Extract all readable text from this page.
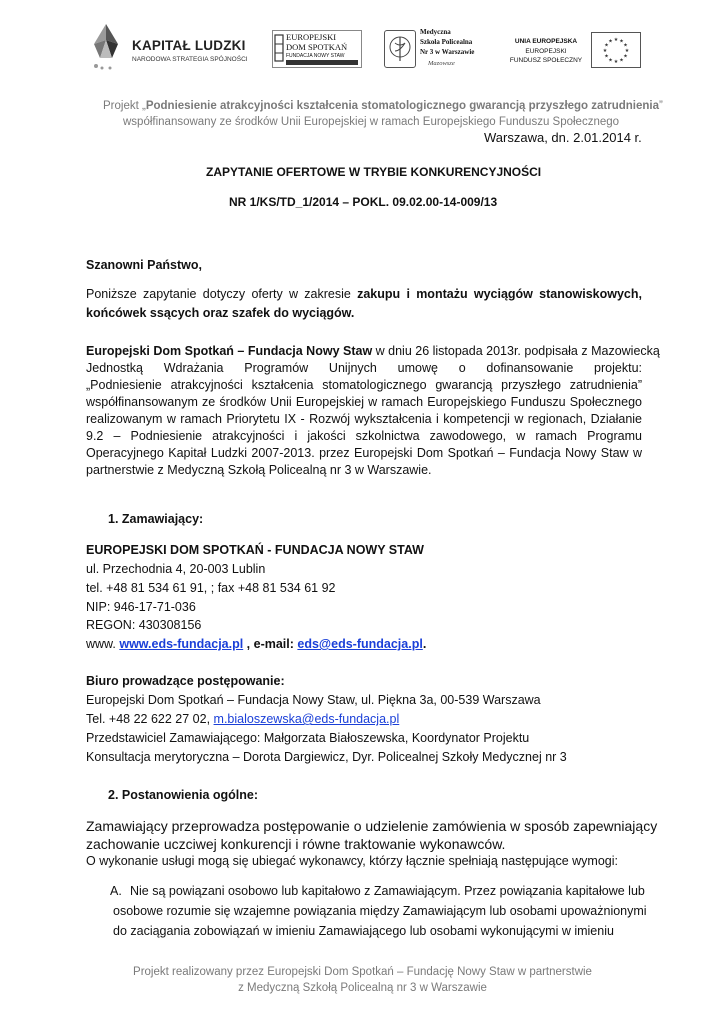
KAPITAŁ LUDZKI
NARODOWA STRATEGIA SPÓJNOŚCI
EUROPEJSKI
DOM SPOTKAŃ
FUNDACJA NOWY STAW
Medyczna
Szkoła Policealna
Nr 3 w Warszawie
Mazowsze
UNIA EUROPEJSKA
EUROPEJSKI
FUNDUSZ SPOŁECZNY
★ ★
★
★
★
★
★
★
★
★
★
★
Projekt „Podniesienie atrakcyjności kształcenia stomatologicznego gwarancją przyszłego zatrudnienia”
współfinansowany ze środków Unii Europejskiej w ramach Europejskiego Funduszu Społecznego
Warszawa, dn. 2.01.2014 r.
ZAPYTANIE OFERTOWE W TRYBIE KONKURENCYJNOŚCI
NR 1/KS/TD_1/2014 – POKL. 09.02.00-14-009/13
Szanowni Państwo,
Poniższe zapytanie dotyczy oferty w zakresie zakupu i montażu wyciągów stanowiskowych,
końcówek ssących oraz szafek do wyciągów.
Europejski Dom Spotkań – Fundacja Nowy Staw w dniu 26 listopada 2013r. podpisała z Mazowiecką
Jednostką Wdrażania Programów Unijnych umowę o dofinansowanie projektu:
„Podniesienie atrakcyjności kształcenia stomatologicznego gwarancją przyszłego zatrudnienia”
współfinansowanym ze środków Unii Europejskiej w ramach Europejskiego Funduszu Społecznego
realizowanym w ramach Priorytetu IX - Rozwój wykształcenia i kompetencji w regionach, Działanie
9.2 – Podniesienie atrakcyjności i jakości szkolnictwa zawodowego, w ramach Programu
Operacyjnego Kapitał Ludzki 2007-2013. przez Europejski Dom Spotkań – Fundacja Nowy Staw w
partnerstwie z Medyczną Szkołą Policealną nr 3 w Warszawie.
1. Zamawiający:
EUROPEJSKI DOM SPOTKAŃ - FUNDACJA NOWY STAW
ul. Przechodnia 4, 20-003 Lublin
tel. +48 81 534 61 91, ; fax +48 81 534 61 92
NIP: 946-17-71-036
REGON: 430308156
www. www.eds-fundacja.pl , e-mail: eds@eds-fundacja.pl.
Biuro prowadzące postępowanie:
Europejski Dom Spotkań – Fundacja Nowy Staw, ul. Piękna 3a, 00-539 Warszawa
Tel. +48 22 622 27 02, m.bialoszewska@eds-fundacja.pl
Przedstawiciel Zamawiającego: Małgorzata Białoszewska, Koordynator Projektu
Konsultacja merytoryczna – Dorota Dargiewicz, Dyr. Policealnej Szkoły Medycznej nr 3
2. Postanowienia ogólne:
Zamawiający przeprowadza postępowanie o udzielenie zamówienia w sposób zapewniający
zachowanie uczciwej konkurencji i równe traktowanie wykonawców.
O wykonanie usługi mogą się ubiegać wykonawcy, którzy łącznie spełniają następujące wymogi:
A. Nie są powiązani osobowo lub kapitałowo z Zamawiającym. Przez powiązania kapitałowe lub
osobowe rozumie się wzajemne powiązania między Zamawiającym lub osobami upoważnionymi
do zaciągania zobowiązań w imieniu Zamawiającego lub osobami wykonującymi w imieniu
Projekt realizowany przez Europejski Dom Spotkań – Fundację Nowy Staw w partnerstwie
z Medyczną Szkołą Policealną nr 3 w Warszawie
